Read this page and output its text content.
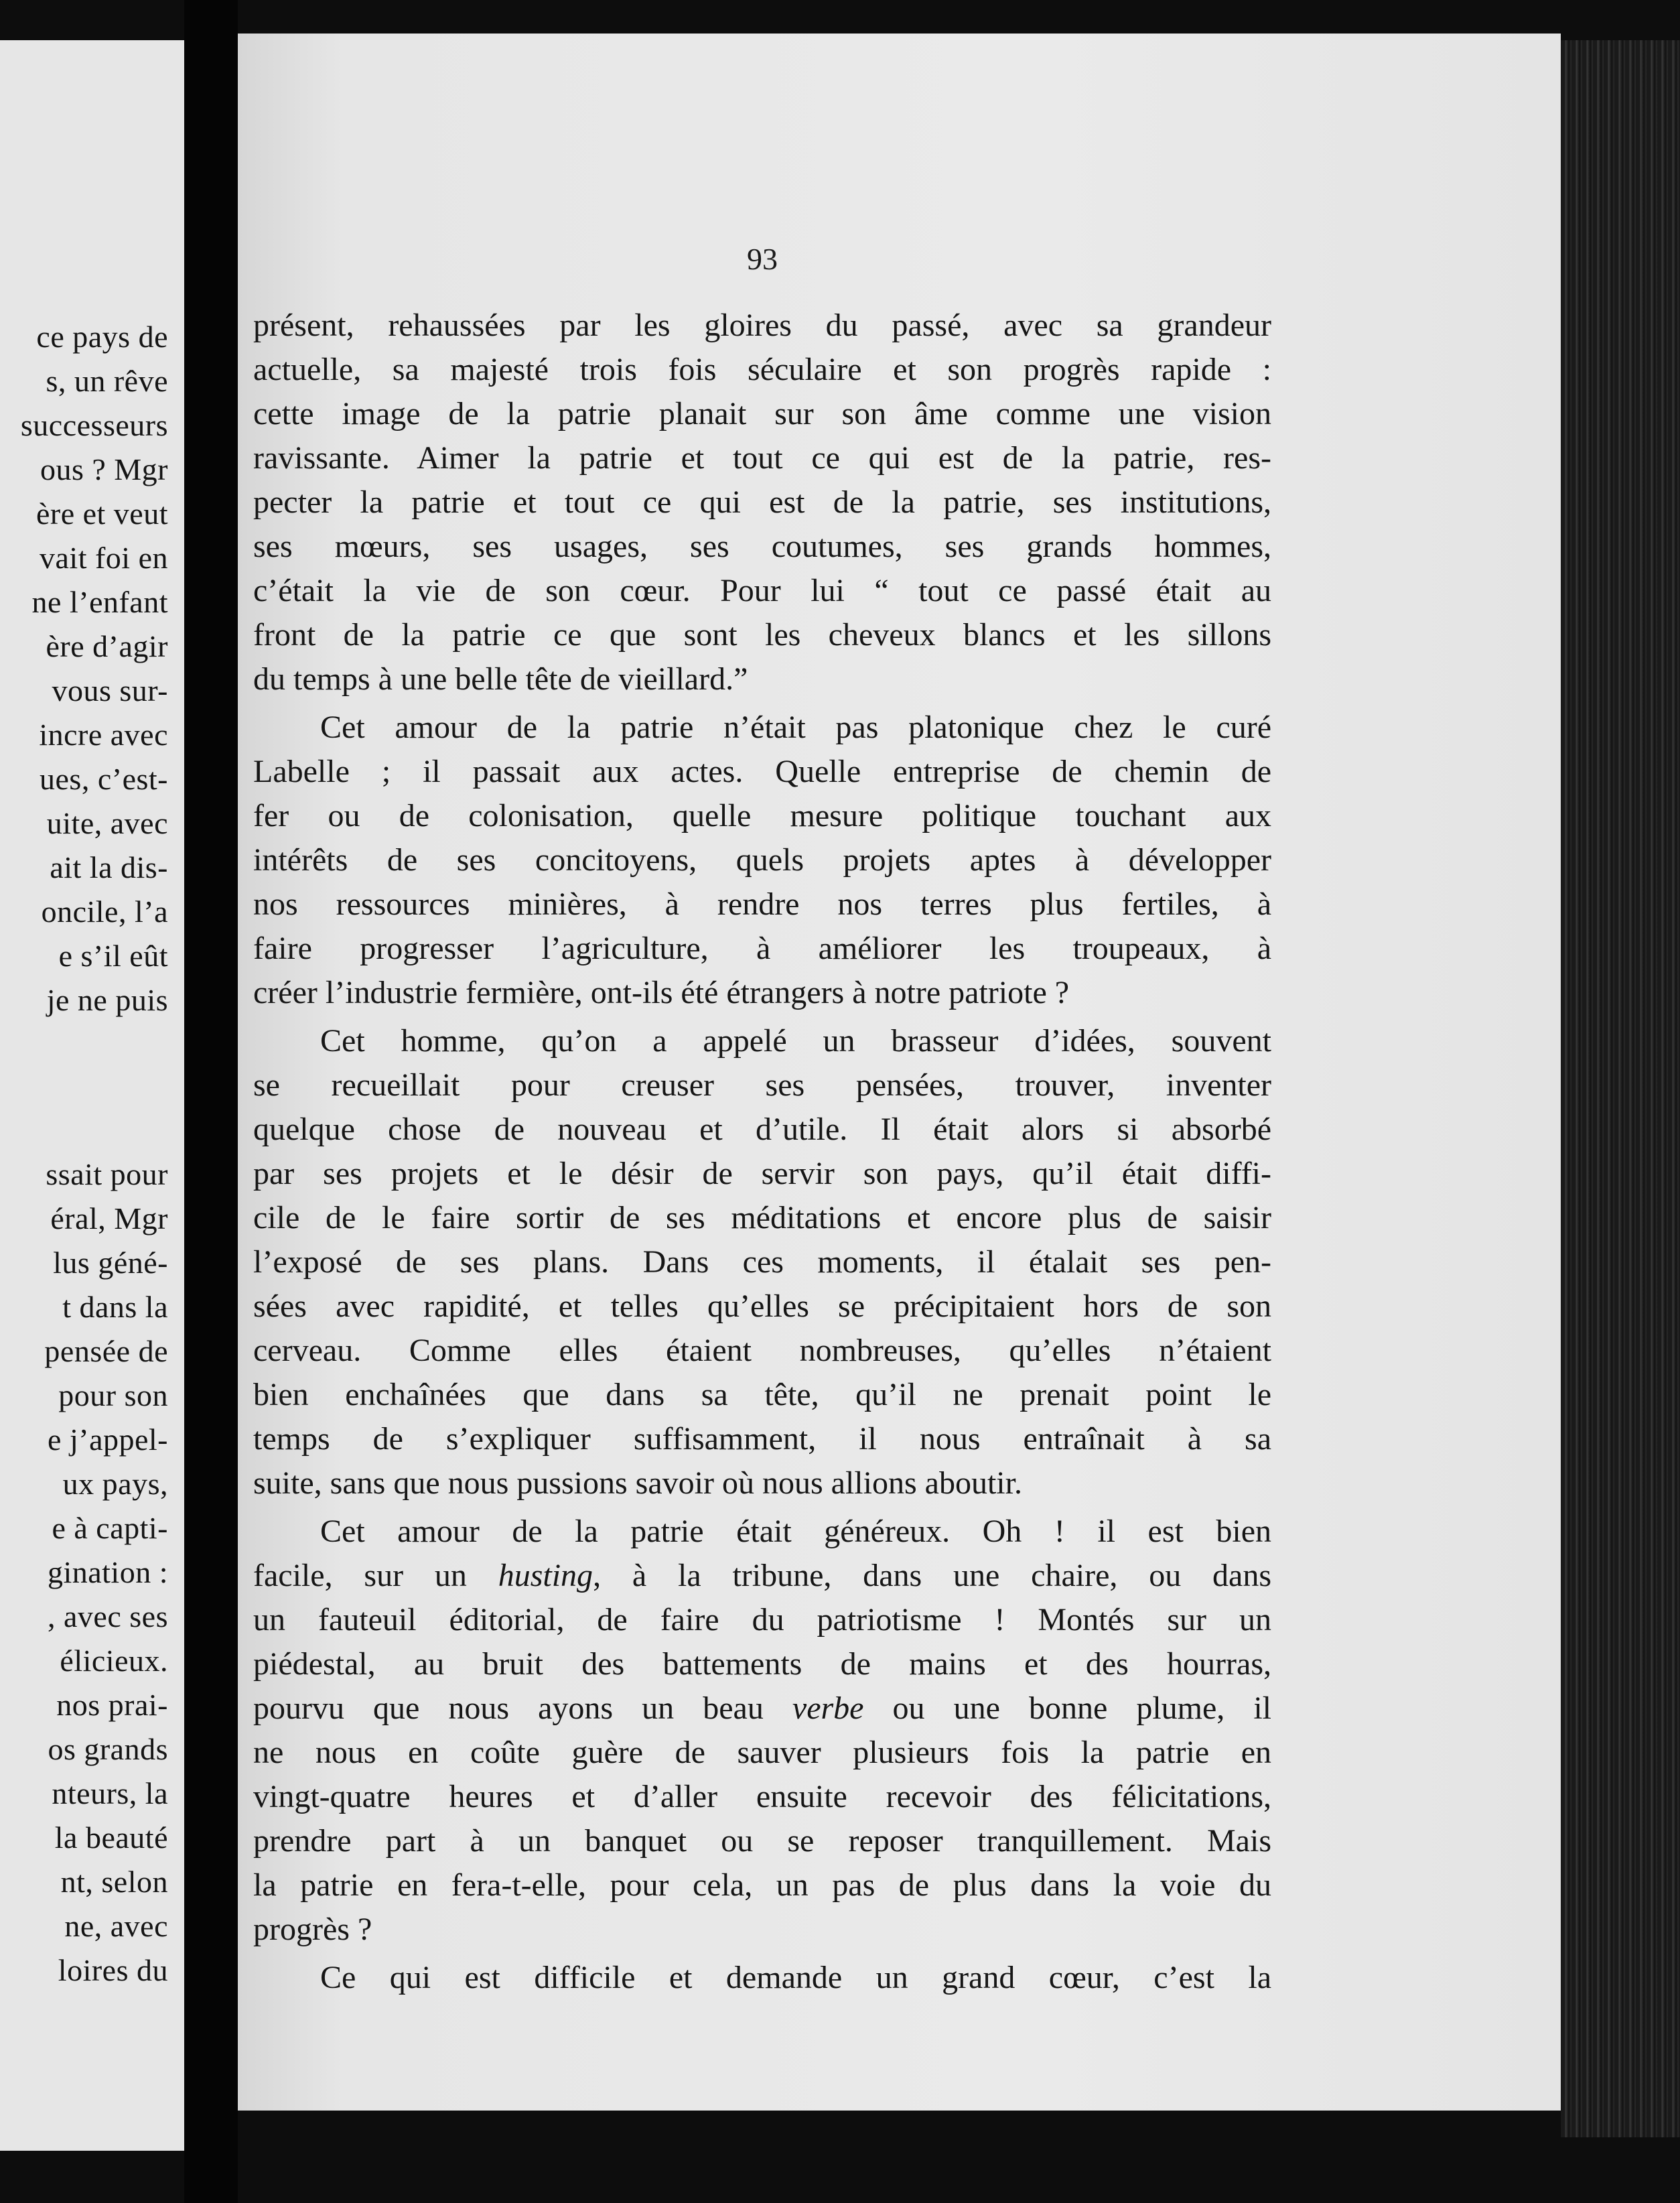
ce pays de
s, un rêve
successeurs
ous ? Mgr
ère et veut
vait foi en
ne l’enfant
ère d’agir
vous sur-
incre avec
ues, c’est-
uite, avec
ait la dis-
oncile, l’a
e s’il eût
je ne puis
ssait pour
éral, Mgr
lus géné-
t dans la
pensée de
pour son
e j’appel-
ux pays,
e à capti-
gination :
, avec ses
élicieux.
nos prai-
os grands
nteurs, la
la beauté
nt, selon
ne, avec
loires du
93
présent, rehaussées par les gloires du passé, avec sa grandeur
actuelle, sa majesté trois fois séculaire et son progrès rapide :
cette image de la patrie planait sur son âme comme une vision
ravissante. Aimer la patrie et tout ce qui est de la patrie, res-
pecter la patrie et tout ce qui est de la patrie, ses institutions,
ses mœurs, ses usages, ses coutumes, ses grands hommes,
c’était la vie de son cœur. Pour lui “ tout ce passé était au
front de la patrie ce que sont les cheveux blancs et les sillons
du temps à une belle tête de vieillard.”
Cet amour de la patrie n’était pas platonique chez le curé
Labelle ; il passait aux actes. Quelle entreprise de chemin de
fer ou de colonisation, quelle mesure politique touchant aux
intérêts de ses concitoyens, quels projets aptes à développer
nos ressources minières, à rendre nos terres plus fertiles, à
faire progresser l’agriculture, à améliorer les troupeaux, à
créer l’industrie fermière, ont-ils été étrangers à notre patriote ?
Cet homme, qu’on a appelé un brasseur d’idées, souvent
se recueillait pour creuser ses pensées, trouver, inventer
quelque chose de nouveau et d’utile. Il était alors si absorbé
par ses projets et le désir de servir son pays, qu’il était diffi-
cile de le faire sortir de ses méditations et encore plus de saisir
l’exposé de ses plans. Dans ces moments, il étalait ses pen-
sées avec rapidité, et telles qu’elles se précipitaient hors de son
cerveau. Comme elles étaient nombreuses, qu’elles n’étaient
bien enchaînées que dans sa tête, qu’il ne prenait point le
temps de s’expliquer suffisamment, il nous entraînait à sa
suite, sans que nous pussions savoir où nous allions aboutir.
Cet amour de la patrie était généreux. Oh ! il est bien
facile, sur un husting, à la tribune, dans une chaire, ou dans
un fauteuil éditorial, de faire du patriotisme ! Montés sur un
piédestal, au bruit des battements de mains et des hourras,
pourvu que nous ayons un beau verbe ou une bonne plume, il
ne nous en coûte guère de sauver plusieurs fois la patrie en
vingt-quatre heures et d’aller ensuite recevoir des félicitations,
prendre part à un banquet ou se reposer tranquillement. Mais
la patrie en fera-t-elle, pour cela, un pas de plus dans la voie du
progrès ?
Ce qui est difficile et demande un grand cœur, c’est la
